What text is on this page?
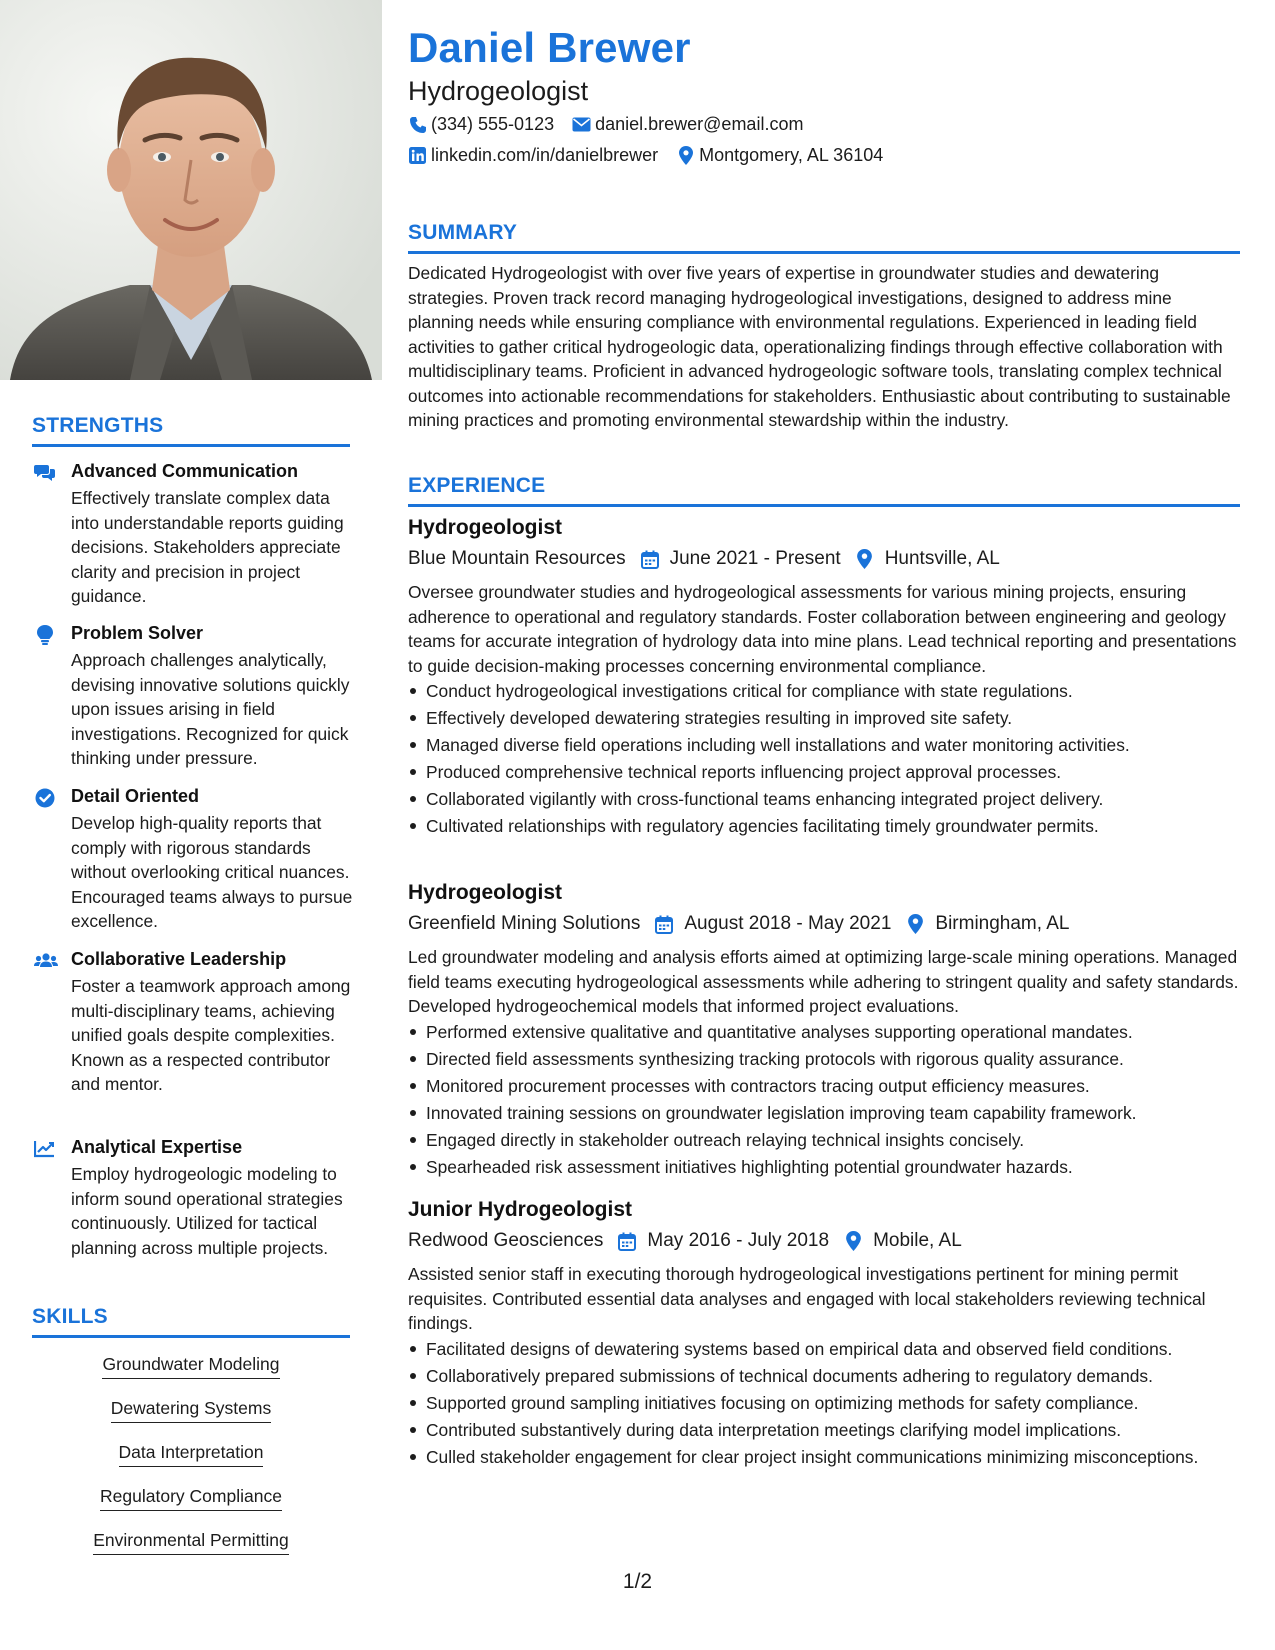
STRENGTHS
Advanced Communication
Effectively translate complex data into understandable reports guiding decisions. Stakeholders appreciate clarity and precision in project guidance.
Problem Solver
Approach challenges analytically, devising innovative solutions quickly upon issues arising in field investigations. Recognized for quick thinking under pressure.
Detail Oriented
Develop high-quality reports that comply with rigorous standards without overlooking critical nuances. Encouraged teams always to pursue excellence.
Collaborative Leadership
Foster a teamwork approach among multi-disciplinary teams, achieving unified goals despite complexities. Known as a respected contributor and mentor.
Analytical Expertise
Employ hydrogeologic modeling to inform sound operational strategies continuously. Utilized for tactical planning across multiple projects.
SKILLS
Groundwater Modeling
Dewatering Systems
Data Interpretation
Regulatory Compliance
Environmental Permitting
Daniel Brewer
Hydrogeologist
(334) 555-0123 daniel.brewer@email.com
linkedin.com/in/danielbrewer Montgomery, AL 36104
SUMMARY
Dedicated Hydrogeologist with over five years of expertise in groundwater studies and dewatering strategies. Proven track record managing hydrogeological investigations, designed to address mine planning needs while ensuring compliance with environmental regulations. Experienced in leading field activities to gather critical hydrogeologic data, operationalizing findings through effective collaboration with multidisciplinary teams. Proficient in advanced hydrogeologic software tools, translating complex technical outcomes into actionable recommendations for stakeholders. Enthusiastic about contributing to sustainable mining practices and promoting environmental stewardship within the industry.
EXPERIENCE
Hydrogeologist
Blue Mountain Resources June 2021 - Present Huntsville, AL
Oversee groundwater studies and hydrogeological assessments for various mining projects, ensuring adherence to operational and regulatory standards. Foster collaboration between engineering and geology teams for accurate integration of hydrology data into mine plans. Lead technical reporting and presentations to guide decision-making processes concerning environmental compliance.
Conduct hydrogeological investigations critical for compliance with state regulations.
Effectively developed dewatering strategies resulting in improved site safety.
Managed diverse field operations including well installations and water monitoring activities.
Produced comprehensive technical reports influencing project approval processes.
Collaborated vigilantly with cross-functional teams enhancing integrated project delivery.
Cultivated relationships with regulatory agencies facilitating timely groundwater permits.
Hydrogeologist
Greenfield Mining Solutions August 2018 - May 2021 Birmingham, AL
Led groundwater modeling and analysis efforts aimed at optimizing large-scale mining operations. Managed field teams executing hydrogeological assessments while adhering to stringent quality and safety standards. Developed hydrogeochemical models that informed project evaluations.
Performed extensive qualitative and quantitative analyses supporting operational mandates.
Directed field assessments synthesizing tracking protocols with rigorous quality assurance.
Monitored procurement processes with contractors tracing output efficiency measures.
Innovated training sessions on groundwater legislation improving team capability framework.
Engaged directly in stakeholder outreach relaying technical insights concisely.
Spearheaded risk assessment initiatives highlighting potential groundwater hazards.
Junior Hydrogeologist
Redwood Geosciences May 2016 - July 2018 Mobile, AL
Assisted senior staff in executing thorough hydrogeological investigations pertinent for mining permit requisites. Contributed essential data analyses and engaged with local stakeholders reviewing technical findings.
Facilitated designs of dewatering systems based on empirical data and observed field conditions.
Collaboratively prepared submissions of technical documents adhering to regulatory demands.
Supported ground sampling initiatives focusing on optimizing methods for safety compliance.
Contributed substantively during data interpretation meetings clarifying model implications.
Culled stakeholder engagement for clear project insight communications minimizing misconceptions.
1/2
